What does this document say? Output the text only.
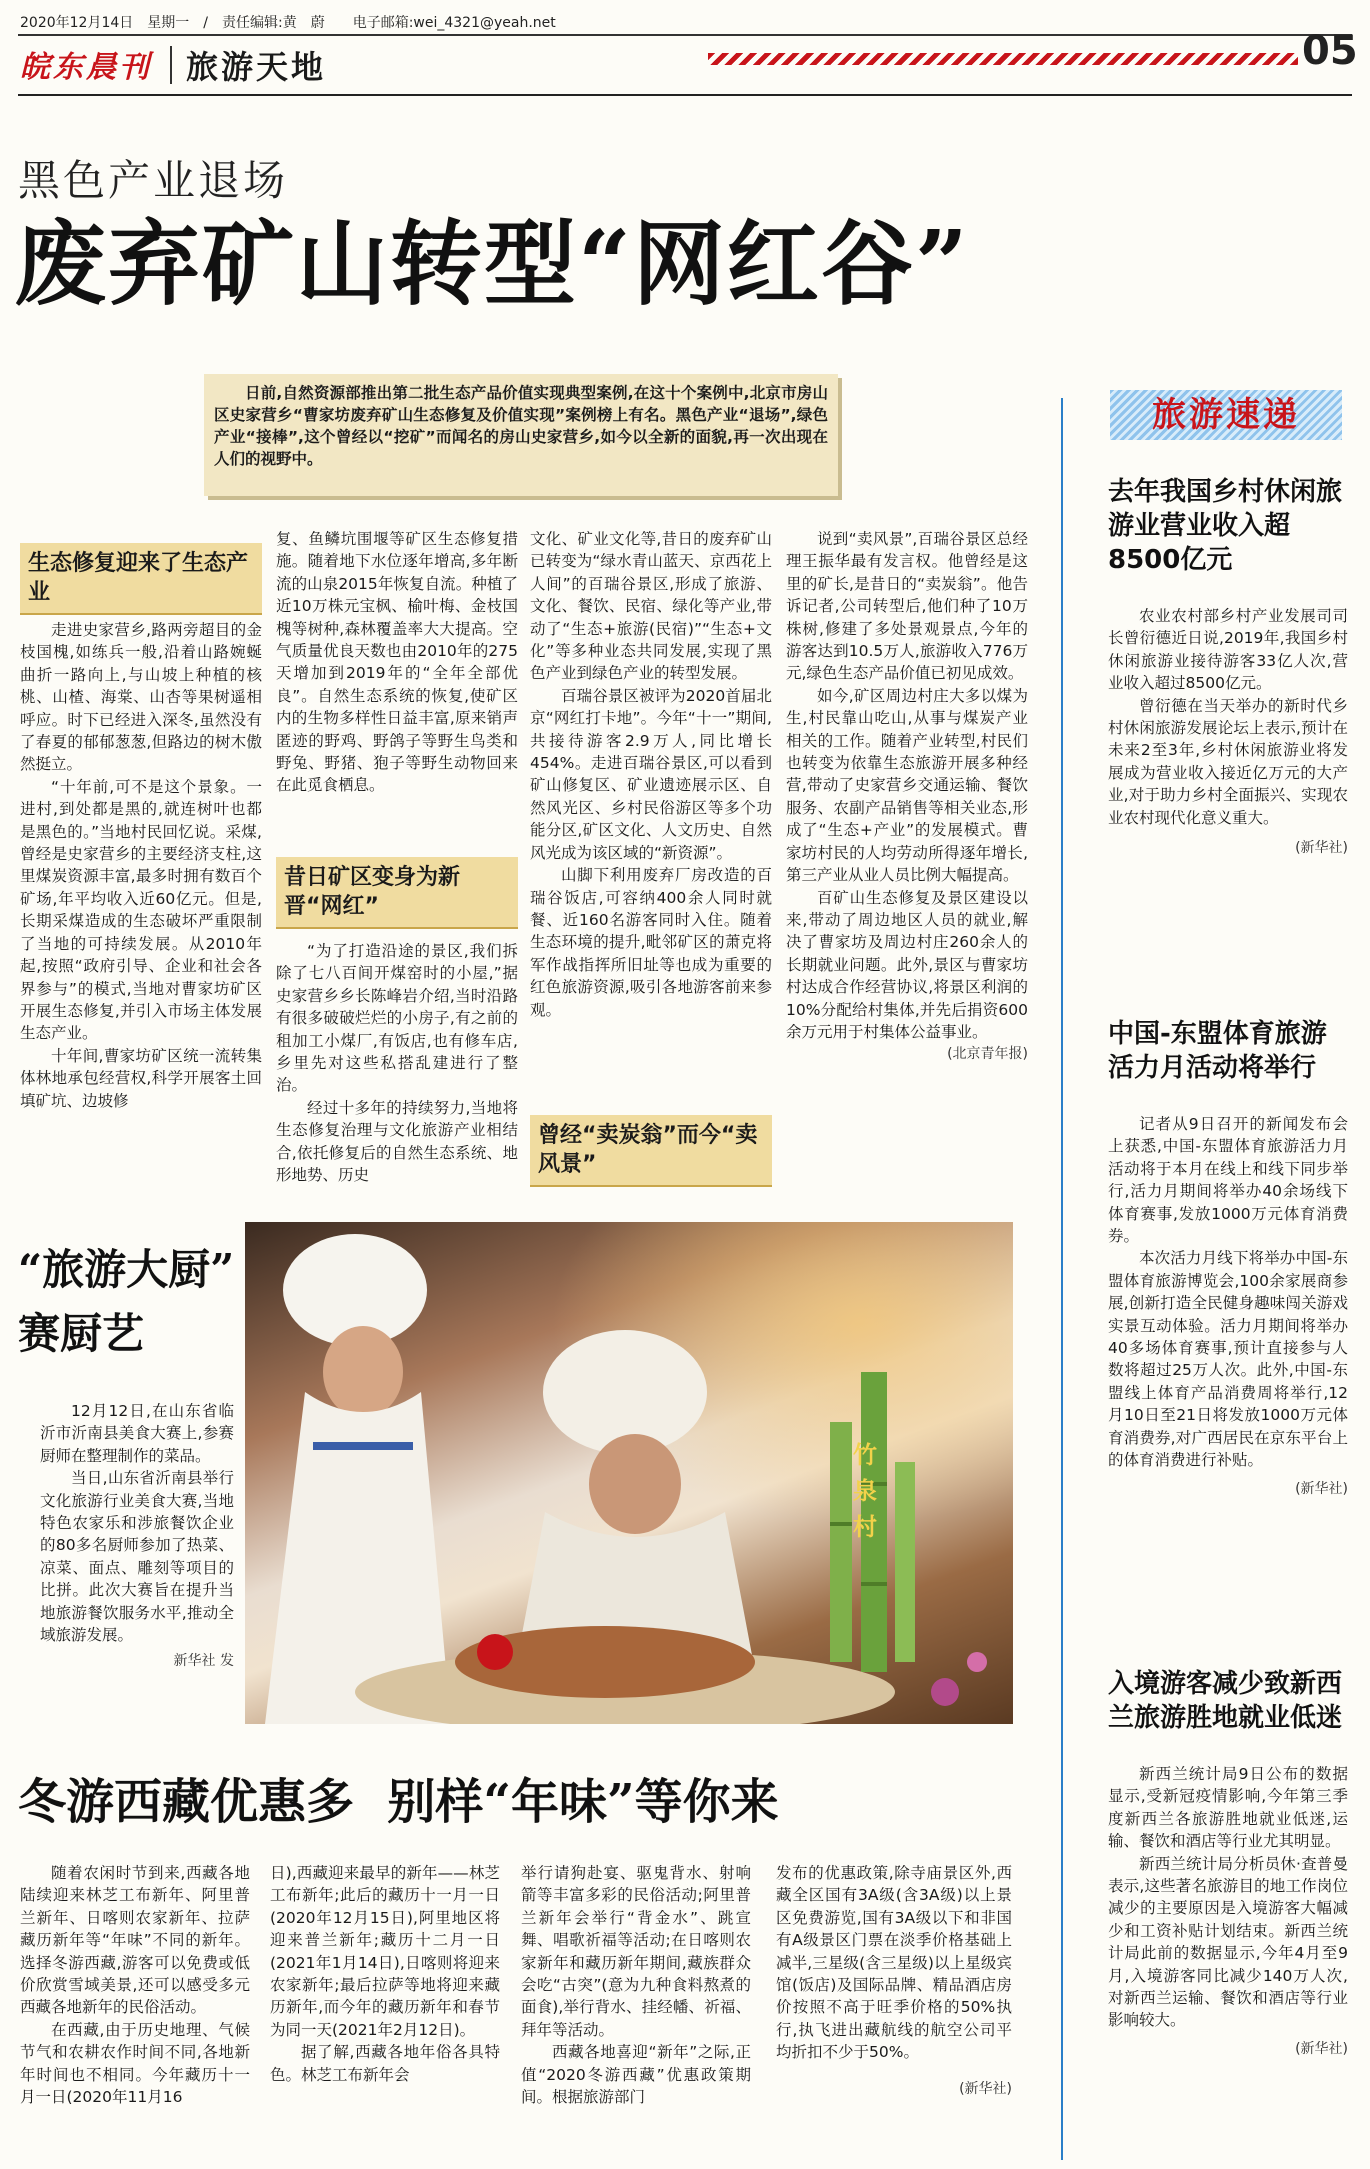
2020年12月14日　星期一　/　责任编辑:黄　蔚　　电子邮箱:wei_4321@yeah.net
皖东晨刊 旅游天地	05
黑色产业退场
废弃矿山转型“网红谷”

日前,自然资源部推出第二批生态产品价值实现典型案例,在这十个案例中,北京市房山区史家营乡“曹家坊废弃矿山生态修复及价值实现”案例榜上有名。黑色产业“退场”,绿色产业“接棒”,这个曾经以“挖矿”而闻名的房山史家营乡,如今以全新的面貌,再一次出现在人们的视野中。

生态修复迎来了生态产业

走进史家营乡,路两旁超目的金枝国槐,如练兵一般,沿着山路婉蜒曲折一路向上,与山坡上种植的核桃、山楂、海棠、山杏等果树遥相呼应。时下已经进入深冬,虽然没有了春夏的郁郁葱葱,但路边的树木傲然挺立。

“十年前,可不是这个景象。一进村,到处都是黑的,就连树叶也都是黑色的。”当地村民回忆说。采煤,曾经是史家营乡的主要经济支柱,这里煤炭资源丰富,最多时拥有数百个矿场,年平均收入近60亿元。但是,长期采煤造成的生态破坏严重限制了当地的可持续发展。从2010年起,按照“政府引导、企业和社会各界参与”的模式,当地对曹家坊矿区开展生态修复,并引入市场主体发展生态产业。

十年间,曹家坊矿区统一流转集体林地承包经营权,科学开展客土回填矿坑、边坡修

复、鱼鳞坑围堰等矿区生态修复措施。随着地下水位逐年增高,多年断流的山泉2015年恢复自流。种植了近10万株元宝枫、榆叶梅、金枝国槐等树种,森林覆盖率大大提高。空气质量优良天数也由2010年的275天增加到2019年的“全年全部优良”。自然生态系统的恢复,使矿区内的生物多样性日益丰富,原来销声匿迹的野鸡、野鸽子等野生鸟类和野兔、野猪、狍子等野生动物回来在此觅食栖息。

昔日矿区变身为新晋“网红”

“为了打造沿途的景区,我们拆除了七八百间开煤窑时的小屋,”据史家营乡乡长陈峰岩介绍,当时沿路有很多破破烂烂的小房子,有之前的租加工小煤厂,有饭店,也有修车店,乡里先对这些私搭乱建进行了整治。

经过十多年的持续努力,当地将生态修复治理与文化旅游产业相结合,依托修复后的自然生态系统、地形地势、历史

文化、矿业文化等,昔日的废弃矿山已转变为“绿水青山蓝天、京西花上人间”的百瑞谷景区,形成了旅游、文化、餐饮、民宿、绿化等产业,带动了“生态+旅游(民宿)”“生态+文化”等多种业态共同发展,实现了黑色产业到绿色产业的转型发展。

百瑞谷景区被评为2020首届北京“网红打卡地”。今年“十一”期间,共接待游客2.9万人,同比增长454%。走进百瑞谷景区,可以看到矿山修复区、矿业遗迹展示区、自然风光区、乡村民俗游区等多个功能分区,矿区文化、人文历史、自然风光成为该区域的“新资源”。

山脚下利用废弃厂房改造的百瑞谷饭店,可容纳400余人同时就餐、近160名游客同时入住。随着生态环境的提升,毗邻矿区的萧克将军作战指挥所旧址等也成为重要的红色旅游资源,吸引各地游客前来参观。

曾经“卖炭翁”而今“卖风景”

说到“卖风景”,百瑞谷景区总经理王振华最有发言权。他曾经是这里的矿长,是昔日的“卖炭翁”。他告诉记者,公司转型后,他们种了10万株树,修建了多处景观景点,今年的游客达到10.5万人,旅游收入776万元,绿色生态产品价值已初见成效。

如今,矿区周边村庄大多以煤为生,村民靠山吃山,从事与煤炭产业相关的工作。随着产业转型,村民们也转变为依靠生态旅游开展多种经营,带动了史家营乡交通运输、餐饮服务、农副产品销售等相关业态,形成了“生态+产业”的发展模式。曹家坊村民的人均劳动所得逐年增长,第三产业从业人员比例大幅提高。

百矿山生态修复及景区建设以来,带动了周边地区人员的就业,解决了曹家坊及周边村庄260余人的长期就业问题。此外,景区与曹家坊村达成合作经营协议,将景区利润的10%分配给村集体,并先后捐资600余万元用于村集体公益事业。

(北京青年报)
旅游速递
去年我国乡村休闲旅游业营业收入超8500亿元

农业农村部乡村产业发展司司长曾衍德近日说,2019年,我国乡村休闲旅游业接待游客33亿人次,营业收入超过8500亿元。

曾衍德在当天举办的新时代乡村休闲旅游发展论坛上表示,预计在未来2至3年,乡村休闲旅游业将发展成为营业收入接近亿万元的大产业,对于助力乡村全面振兴、实现农业农村现代化意义重大。

(新华社)
中国-东盟体育旅游活力月活动将举行

记者从9日召开的新闻发布会上获悉,中国-东盟体育旅游活力月活动将于本月在线上和线下同步举行,活力月期间将举办40余场线下体育赛事,发放1000万元体育消费券。

本次活力月线下将举办中国-东盟体育旅游博览会,100余家展商参展,创新打造全民健身趣味闯关游戏实景互动体验。活力月期间将举办40多场体育赛事,预计直接参与人数将超过25万人次。此外,中国-东盟线上体育产品消费周将举行,12月10日至21日将发放1000万元体育消费券,对广西居民在京东平台上的体育消费进行补贴。

(新华社)
入境游客减少致新西兰旅游胜地就业低迷

新西兰统计局9日公布的数据显示,受新冠疫情影响,今年第三季度新西兰各旅游胜地就业低迷,运输、餐饮和酒店等行业尤其明显。

新西兰统计局分析员休·查普曼表示,这些著名旅游目的地工作岗位减少的主要原因是入境游客大幅减少和工资补贴计划结束。新西兰统计局此前的数据显示,今年4月至9月,入境游客同比减少140万人次,对新西兰运输、餐饮和酒店等行业影响较大。

(新华社)
“旅游大厨”
赛厨艺

12月12日,在山东省临沂市沂南县美食大赛上,参赛厨师在整理制作的菜品。

当日,山东省沂南县举行文化旅游行业美食大赛,当地特色农家乐和涉旅餐饮企业的80多名厨师参加了热菜、凉菜、面点、雕刻等项目的比拼。此次大赛旨在提升当地旅游餐饮服务水平,推动全域旅游发展。

新华社 发
竹泉村
冬游西藏优惠多  别样“年味”等你来

随着农闲时节到来,西藏各地陆续迎来林芝工布新年、阿里普兰新年、日喀则农家新年、拉萨藏历新年等“年味”不同的新年。选择冬游西藏,游客可以免费或低价欣赏雪域美景,还可以感受多元西藏各地新年的民俗活动。

在西藏,由于历史地理、气候节气和农耕农作时间不同,各地新年时间也不相同。今年藏历十一月一日(2020年11月16

日),西藏迎来最早的新年——林芝工布新年;此后的藏历十一月一日(2020年12月15日),阿里地区将迎来普兰新年;藏历十二月一日(2021年1月14日),日喀则将迎来农家新年;最后拉萨等地将迎来藏历新年,而今年的藏历新年和春节为同一天(2021年2月12日)。

据了解,西藏各地年俗各具特色。林芝工布新年会

举行请狗赴宴、驱鬼背水、射响箭等丰富多彩的民俗活动;阿里普兰新年会举行“背金水”、跳宣舞、唱歌祈福等活动;在日喀则农家新年和藏历新年期间,藏族群众会吃“古突”(意为九种食料熬煮的面食),举行背水、挂经幡、祈福、拜年等活动。

西藏各地喜迎“新年”之际,正值“2020冬游西藏”优惠政策期间。根据旅游部门

发布的优惠政策,除寺庙景区外,西藏全区国有3A级(含3A级)以上景区免费游览,国有3A级以下和非国有A级景区门票在淡季价格基础上减半,三星级(含三星级)以上星级宾馆(饭店)及国际品牌、精品酒店房价按照不高于旺季价格的50%执行,执飞进出藏航线的航空公司平均折扣不少于50%。

(新华社)
